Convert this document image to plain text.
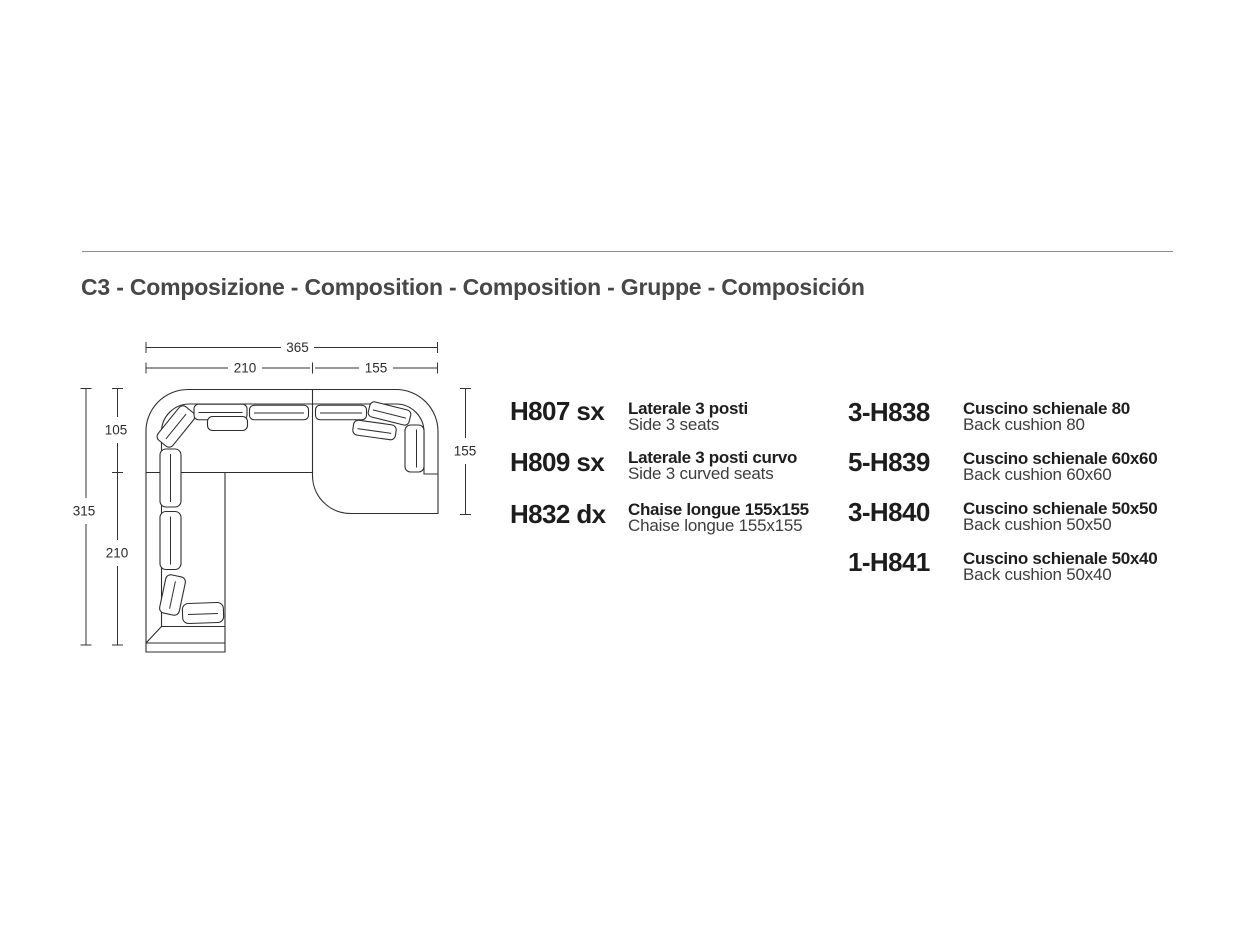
C3 - Composizione - Composition - Composition - Gruppe - Composición
365
210	155
315
105
210
155
H807 sx Laterale 3 posti
Side 3 seats
H809 sx Laterale 3 posti curvo
Side 3 curved seats
H832 dx Chaise longue 155x155
Chaise longue 155x155
3-H838 Cuscino schienale 80
Back cushion 80
5-H839 Cuscino schienale 60x60
Back cushion 60x60
3-H840 Cuscino schienale 50x50
Back cushion 50x50
1-H841 Cuscino schienale 50x40
Back cushion 50x40
